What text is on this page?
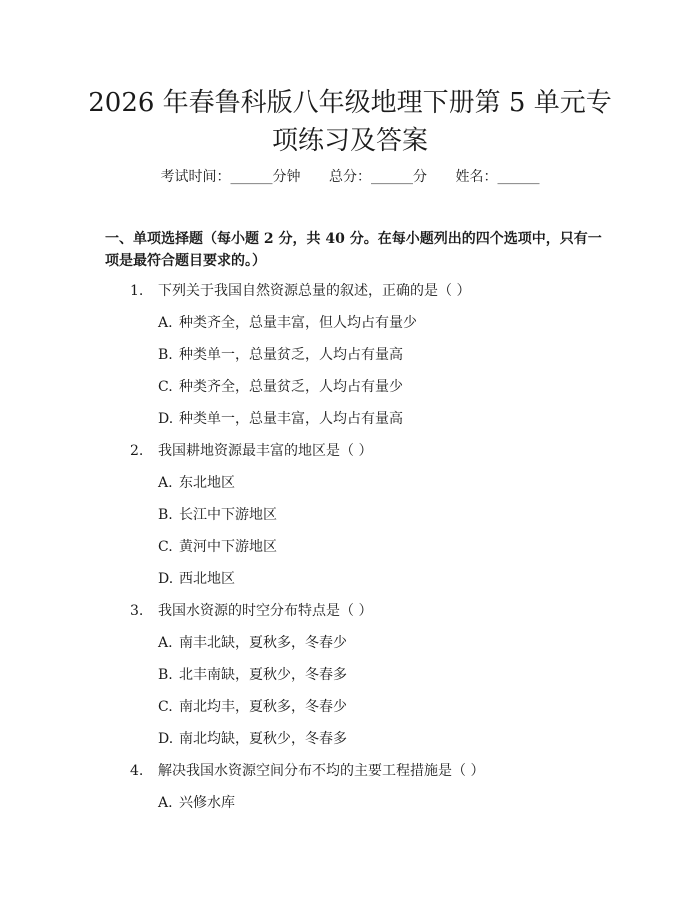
2026 年春鲁科版八年级地理下册第 5 单元专
项练习及答案
考试时间：______分钟 总分：______分 姓名：______

一、单项选择题（每小题 2 分，共 40 分。在每小题列出的四个选项中，只有一项是最符合题目要求的。）

1. 下列关于我国自然资源总量的叙述，正确的是（ ）
A. 种类齐全，总量丰富，但人均占有量少
B. 种类单一，总量贫乏，人均占有量高
C. 种类齐全，总量贫乏，人均占有量少
D. 种类单一，总量丰富，人均占有量高
2. 我国耕地资源最丰富的地区是（ ）
A. 东北地区
B. 长江中下游地区
C. 黄河中下游地区
D. 西北地区
3. 我国水资源的时空分布特点是（ ）
A. 南丰北缺，夏秋多，冬春少
B. 北丰南缺，夏秋少，冬春多
C. 南北均丰，夏秋多，冬春少
D. 南北均缺，夏秋少，冬春多
4. 解决我国水资源空间分布不均的主要工程措施是（ ）
A. 兴修水库
